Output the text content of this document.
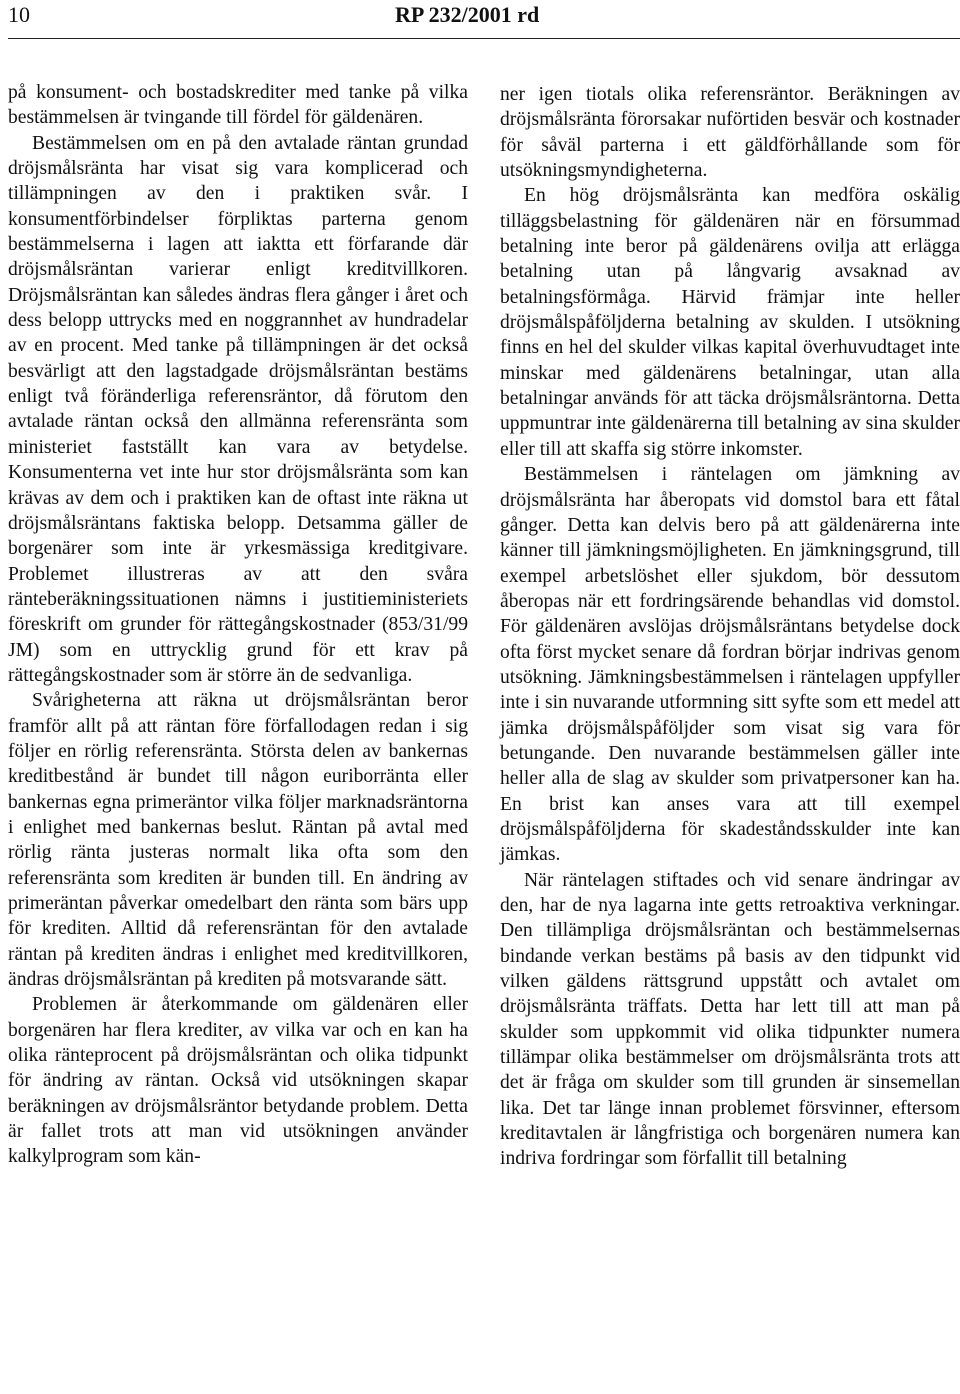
10	RP 232/2001 rd

på konsument- och bostadskrediter med tanke på vilka bestämmelsen är tvingande till fördel för gäldenären.

Bestämmelsen om en på den avtalade räntan grundad dröjsmålsränta har visat sig vara komplicerad och tillämpningen av den i praktiken svår. I konsumentförbindelser förpliktas parterna genom bestämmelserna i lagen att iaktta ett förfarande där dröjsmålsräntan varierar enligt kreditvillkoren. Dröjsmålsräntan kan således ändras flera gånger i året och dess belopp uttrycks med en noggrannhet av hundradelar av en procent. Med tanke på tillämpningen är det också besvärligt att den lagstadgade dröjsmålsräntan bestäms enligt två föränderliga referensräntor, då förutom den avtalade räntan också den allmänna referensränta som ministeriet fastställt kan vara av betydelse. Konsumenterna vet inte hur stor dröjsmålsränta som kan krävas av dem och i praktiken kan de oftast inte räkna ut dröjsmålsräntans faktiska belopp. Detsamma gäller de borgenärer som inte är yrkesmässiga kreditgivare. Problemet illustreras av att den svåra ränteberäkningssituationen nämns i justitieministeriets föreskrift om grunder för rättegångskostnader (853/31/99 JM) som en uttrycklig grund för ett krav på rättegångskostnader som är större än de sedvanliga.

Svårigheterna att räkna ut dröjsmålsräntan beror framför allt på att räntan före förfallodagen redan i sig följer en rörlig referensränta. Största delen av bankernas kreditbestånd är bundet till någon euriborränta eller bankernas egna primeräntor vilka följer marknadsräntorna i enlighet med bankernas beslut. Räntan på avtal med rörlig ränta justeras normalt lika ofta som den referensränta som krediten är bunden till. En ändring av primeräntan påverkar omedelbart den ränta som bärs upp för krediten. Alltid då referensräntan för den avtalade räntan på krediten ändras i enlighet med kreditvillkoren, ändras dröjsmålsräntan på krediten på motsvarande sätt.

Problemen är återkommande om gäldenären eller borgenären har flera krediter, av vilka var och en kan ha olika ränteprocent på dröjsmålsräntan och olika tidpunkt för ändring av räntan. Också vid utsökningen skapar beräkningen av dröjsmålsräntor betydande problem. Detta är fallet trots att man vid utsökningen använder kalkylprogram som kän-

ner igen tiotals olika referensräntor. Beräkningen av dröjsmålsränta förorsakar nuförtiden besvär och kostnader för såväl parterna i ett gäldförhållande som för utsökningsmyndigheterna.

En hög dröjsmålsränta kan medföra oskälig tilläggsbelastning för gäldenären när en försummad betalning inte beror på gäldenärens ovilja att erlägga betalning utan på långvarig avsaknad av betalningsförmåga. Härvid främjar inte heller dröjsmålspåföljderna betalning av skulden. I utsökning finns en hel del skulder vilkas kapital överhuvudtaget inte minskar med gäldenärens betalningar, utan alla betalningar används för att täcka dröjsmålsräntorna. Detta uppmuntrar inte gäldenärerna till betalning av sina skulder eller till att skaffa sig större inkomster.

Bestämmelsen i räntelagen om jämkning av dröjsmålsränta har åberopats vid domstol bara ett fåtal gånger. Detta kan delvis bero på att gäldenärerna inte känner till jämkningsmöjligheten. En jämkningsgrund, till exempel arbetslöshet eller sjukdom, bör dessutom åberopas när ett fordringsärende behandlas vid domstol. För gäldenären avslöjas dröjsmålsräntans betydelse dock ofta först mycket senare då fordran börjar indrivas genom utsökning. Jämkningsbestämmelsen i räntelagen uppfyller inte i sin nuvarande utformning sitt syfte som ett medel att jämka dröjsmålspåföljder som visat sig vara för betungande. Den nuvarande bestämmelsen gäller inte heller alla de slag av skulder som privatpersoner kan ha. En brist kan anses vara att till exempel dröjsmålspåföljderna för skadeståndsskulder inte kan jämkas.

När räntelagen stiftades och vid senare ändringar av den, har de nya lagarna inte getts retroaktiva verkningar. Den tillämpliga dröjsmålsräntan och bestämmelsernas bindande verkan bestäms på basis av den tidpunkt vid vilken gäldens rättsgrund uppstått och avtalet om dröjsmålsränta träffats. Detta har lett till att man på skulder som uppkommit vid olika tidpunkter numera tillämpar olika bestämmelser om dröjsmålsränta trots att det är fråga om skulder som till grunden är sinsemellan lika. Det tar länge innan problemet försvinner, eftersom kreditavtalen är långfristiga och borgenären numera kan indriva fordringar som förfallit till betalning
